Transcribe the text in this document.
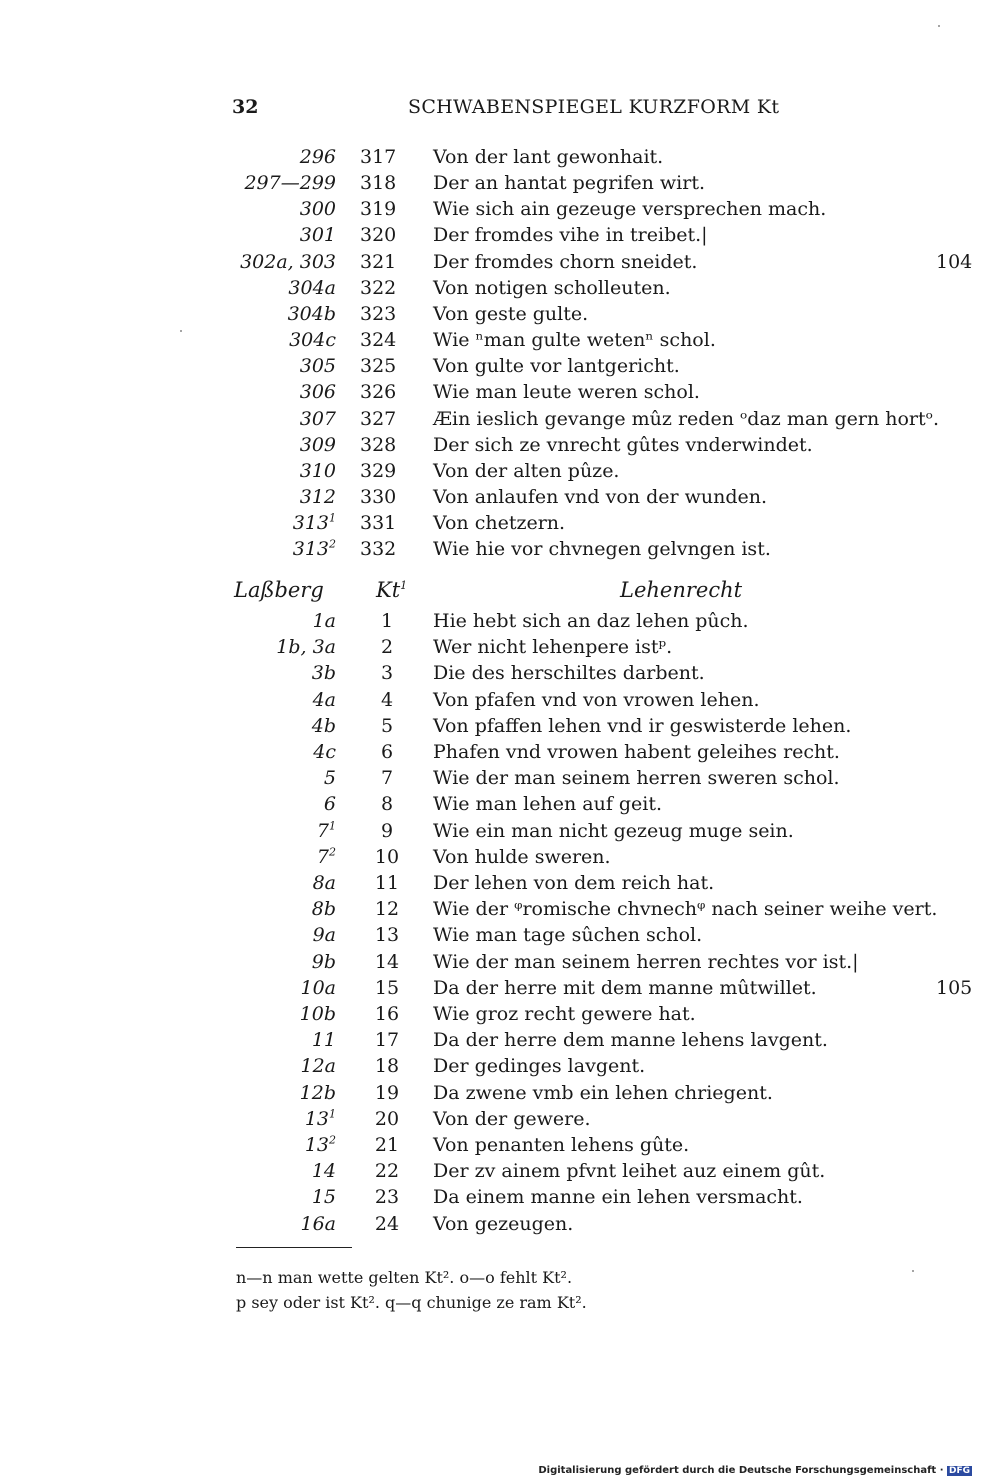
32	SCHWABENSPIEGEL KURZFORM Kt
296 317 Von der lant gewonhait.
297—299 318 Der an hantat pegrifen wirt.
300 319 Wie sich ain gezeuge versprechen mach.
301 320 Der fromdes vihe in treibet.|
302a, 303 321 Der fromdes chorn sneidet.	104
304a 322 Von notigen scholleuten.
304b 323 Von geste gulte.
304c 324 Wie ⁿman gulte wetenⁿ schol.
305 325 Von gulte vor lantgericht.
306 326 Wie man leute weren schol.
307 327 Æin ieslich gevange mûz reden ᵒdaz man gern hortᵒ.
309 328 Der sich ze vnrecht gûtes vnderwindet.
310 329 Von der alten pûze.
312 330 Von anlaufen vnd von der wunden.
$313^1$ 331 Von chetzern.
$313^2$ 332 Wie hie vor chvnegen gelvngen ist.
Laßberg Kt$^1$	Lehenrecht
1a	1	Hie hebt sich an daz lehen pûch.
1b, 3a	2	Wer nicht lehenpere istᵖ.
3b	3	Die des herschiltes darbent.
4a	4	Von pfafen vnd von vrowen lehen.
4b	5	Von pfaffen lehen vnd ir geswisterde lehen.
4c	6	Phafen vnd vrowen habent geleihes recht.
5	7	Wie der man seinem herren sweren schol.
6	8	Wie man lehen auf geit.
$7^1$	9	Wie ein man nicht gezeug muge sein.
$7^2$ 10 Von hulde sweren.
8a 11 Der lehen von dem reich hat.
8b 12 Wie der ᵠromische chvnechᵠ nach seiner weihe vert.
9a 13 Wie man tage sûchen schol.
9b 14 Wie der man seinem herren rechtes vor ist.|
10a 15 Da der herre mit dem manne mûtwillet.	105
10b 16 Wie groz recht gewere hat.
11 17 Da der herre dem manne lehens lavgent.
12a 18 Der gedinges lavgent.
12b 19 Da zwene vmb ein lehen chriegent.
$13^1$ 20 Von der gewere.
$13^2$ 21 Von penanten lehens gûte.
14 22 Der zv ainem pfvnt leihet auz einem gût.
15 23 Da einem manne ein lehen versmacht.
16a 24 Von gezeugen.
n—n man wette gelten Kt². o—o fehlt Kt².
p sey oder ist Kt². q—q chunige ze ram Kt².
Digitalisierung gefördert durch die Deutsche Forschungsgemeinschaft · DFG
